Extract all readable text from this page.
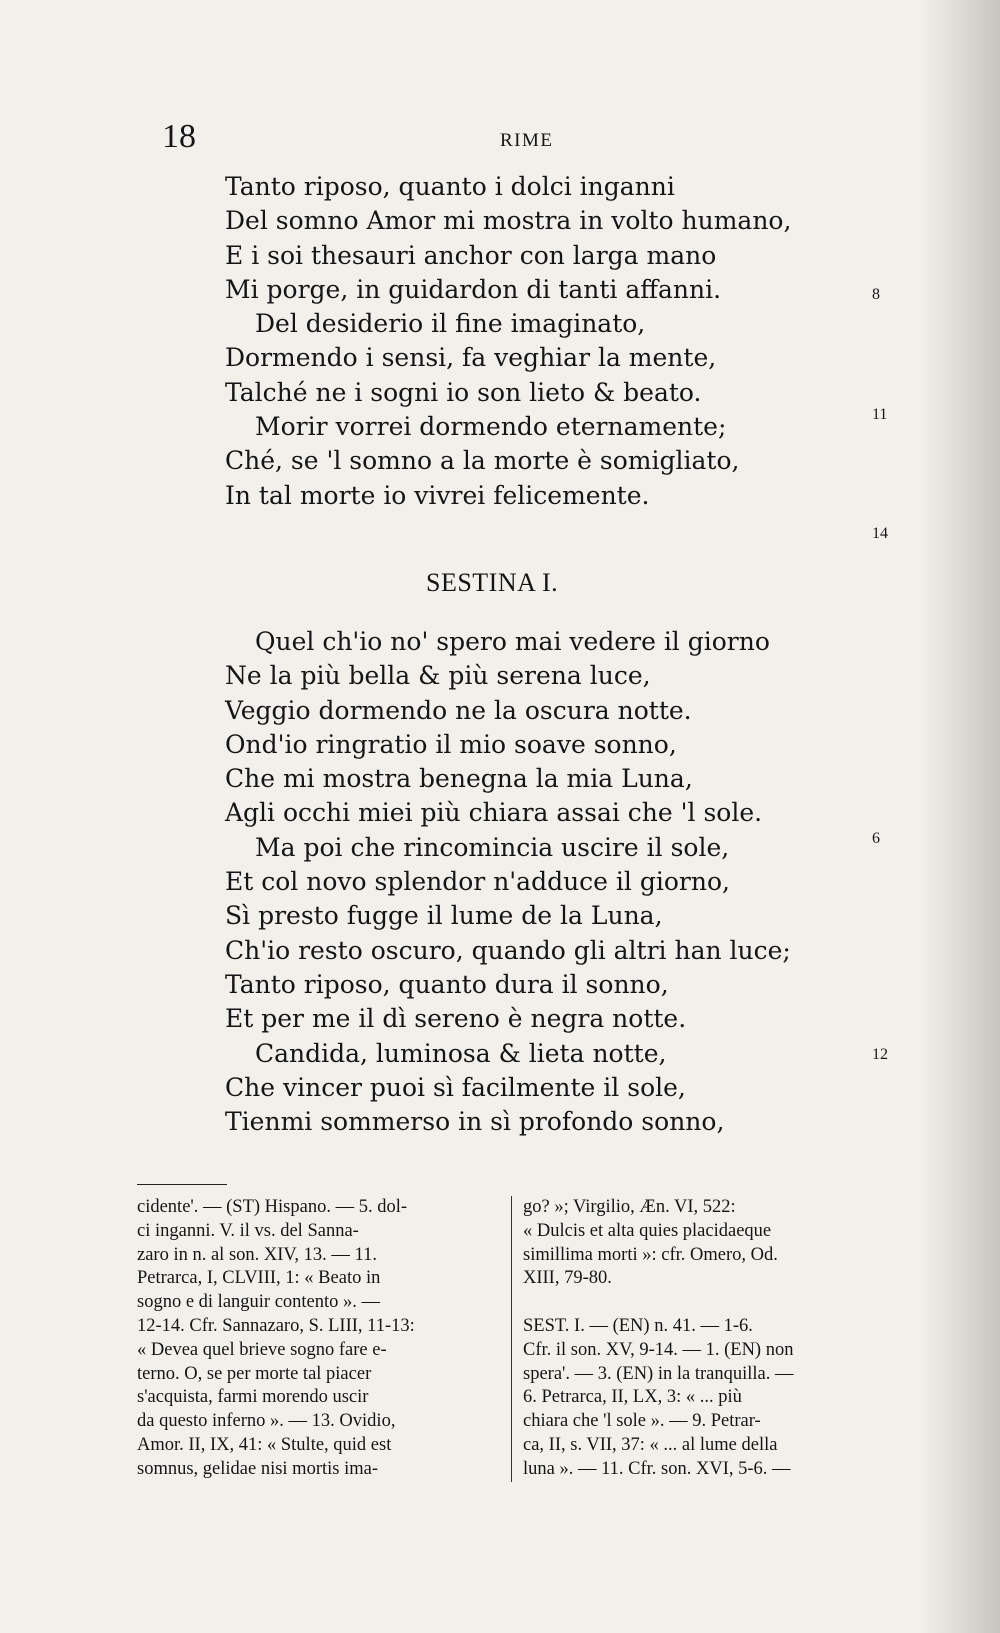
18	RIME
Tanto riposo, quanto i dolci inganni
Del somno Amor mi mostra in volto humano,
E i soi thesauri anchor con larga mano
Mi porge, in guidardon di tanti affanni.
Del desiderio il fine imaginato,
Dormendo i sensi, fa veghiar la mente,
Talché ne i sogni io son lieto & beato.
Morir vorrei dormendo eternamente;
Ché, se 'l somno a la morte è somigliato,
In tal morte io vivrei felicemente.
8
11
14
SESTINA I.
Quel ch'io no' spero mai vedere il giorno
Ne la più bella & più serena luce,
Veggio dormendo ne la oscura notte.
Ond'io ringratio il mio soave sonno,
Che mi mostra benegna la mia Luna,
Agli occhi miei più chiara assai che 'l sole.
Ma poi che rincomincia uscire il sole,
Et col novo splendor n'adduce il giorno,
Sì presto fugge il lume de la Luna,
Ch'io resto oscuro, quando gli altri han luce;
Tanto riposo, quanto dura il sonno,
Et per me il dì sereno è negra notte.
Candida, luminosa & lieta notte,
Che vincer puoi sì facilmente il sole,
Tienmi sommerso in sì profondo sonno,
6
12
cidente'. — (ST) Hispano. — 5. dol-
ci inganni. V. il vs. del Sanna-
zaro in n. al son. XIV, 13. — 11.
Petrarca, I, CLVIII, 1: « Beato in
sogno e di languir contento ». —
12-14. Cfr. Sannazaro, S. LIII, 11-13:
« Devea quel brieve sogno fare e-
terno. O, se per morte tal piacer
s'acquista, farmi morendo uscir
da questo inferno ». — 13. Ovidio,
Amor. II, IX, 41: « Stulte, quid est
somnus, gelidae nisi mortis ima-
go? »; Virgilio, Æn. VI, 522:
« Dulcis et alta quies placidaeque
simillima morti »: cfr. Omero, Od.
XIII, 79-80.
SEST. I. — (EN) n. 41. — 1-6.
Cfr. il son. XV, 9-14. — 1. (EN) non
spera'. — 3. (EN) in la tranquilla. —
6. Petrarca, II, LX, 3: « ... più
chiara che 'l sole ». — 9. Petrar-
ca, II, s. VII, 37: « ... al lume della
luna ». — 11. Cfr. son. XVI, 5-6. —
